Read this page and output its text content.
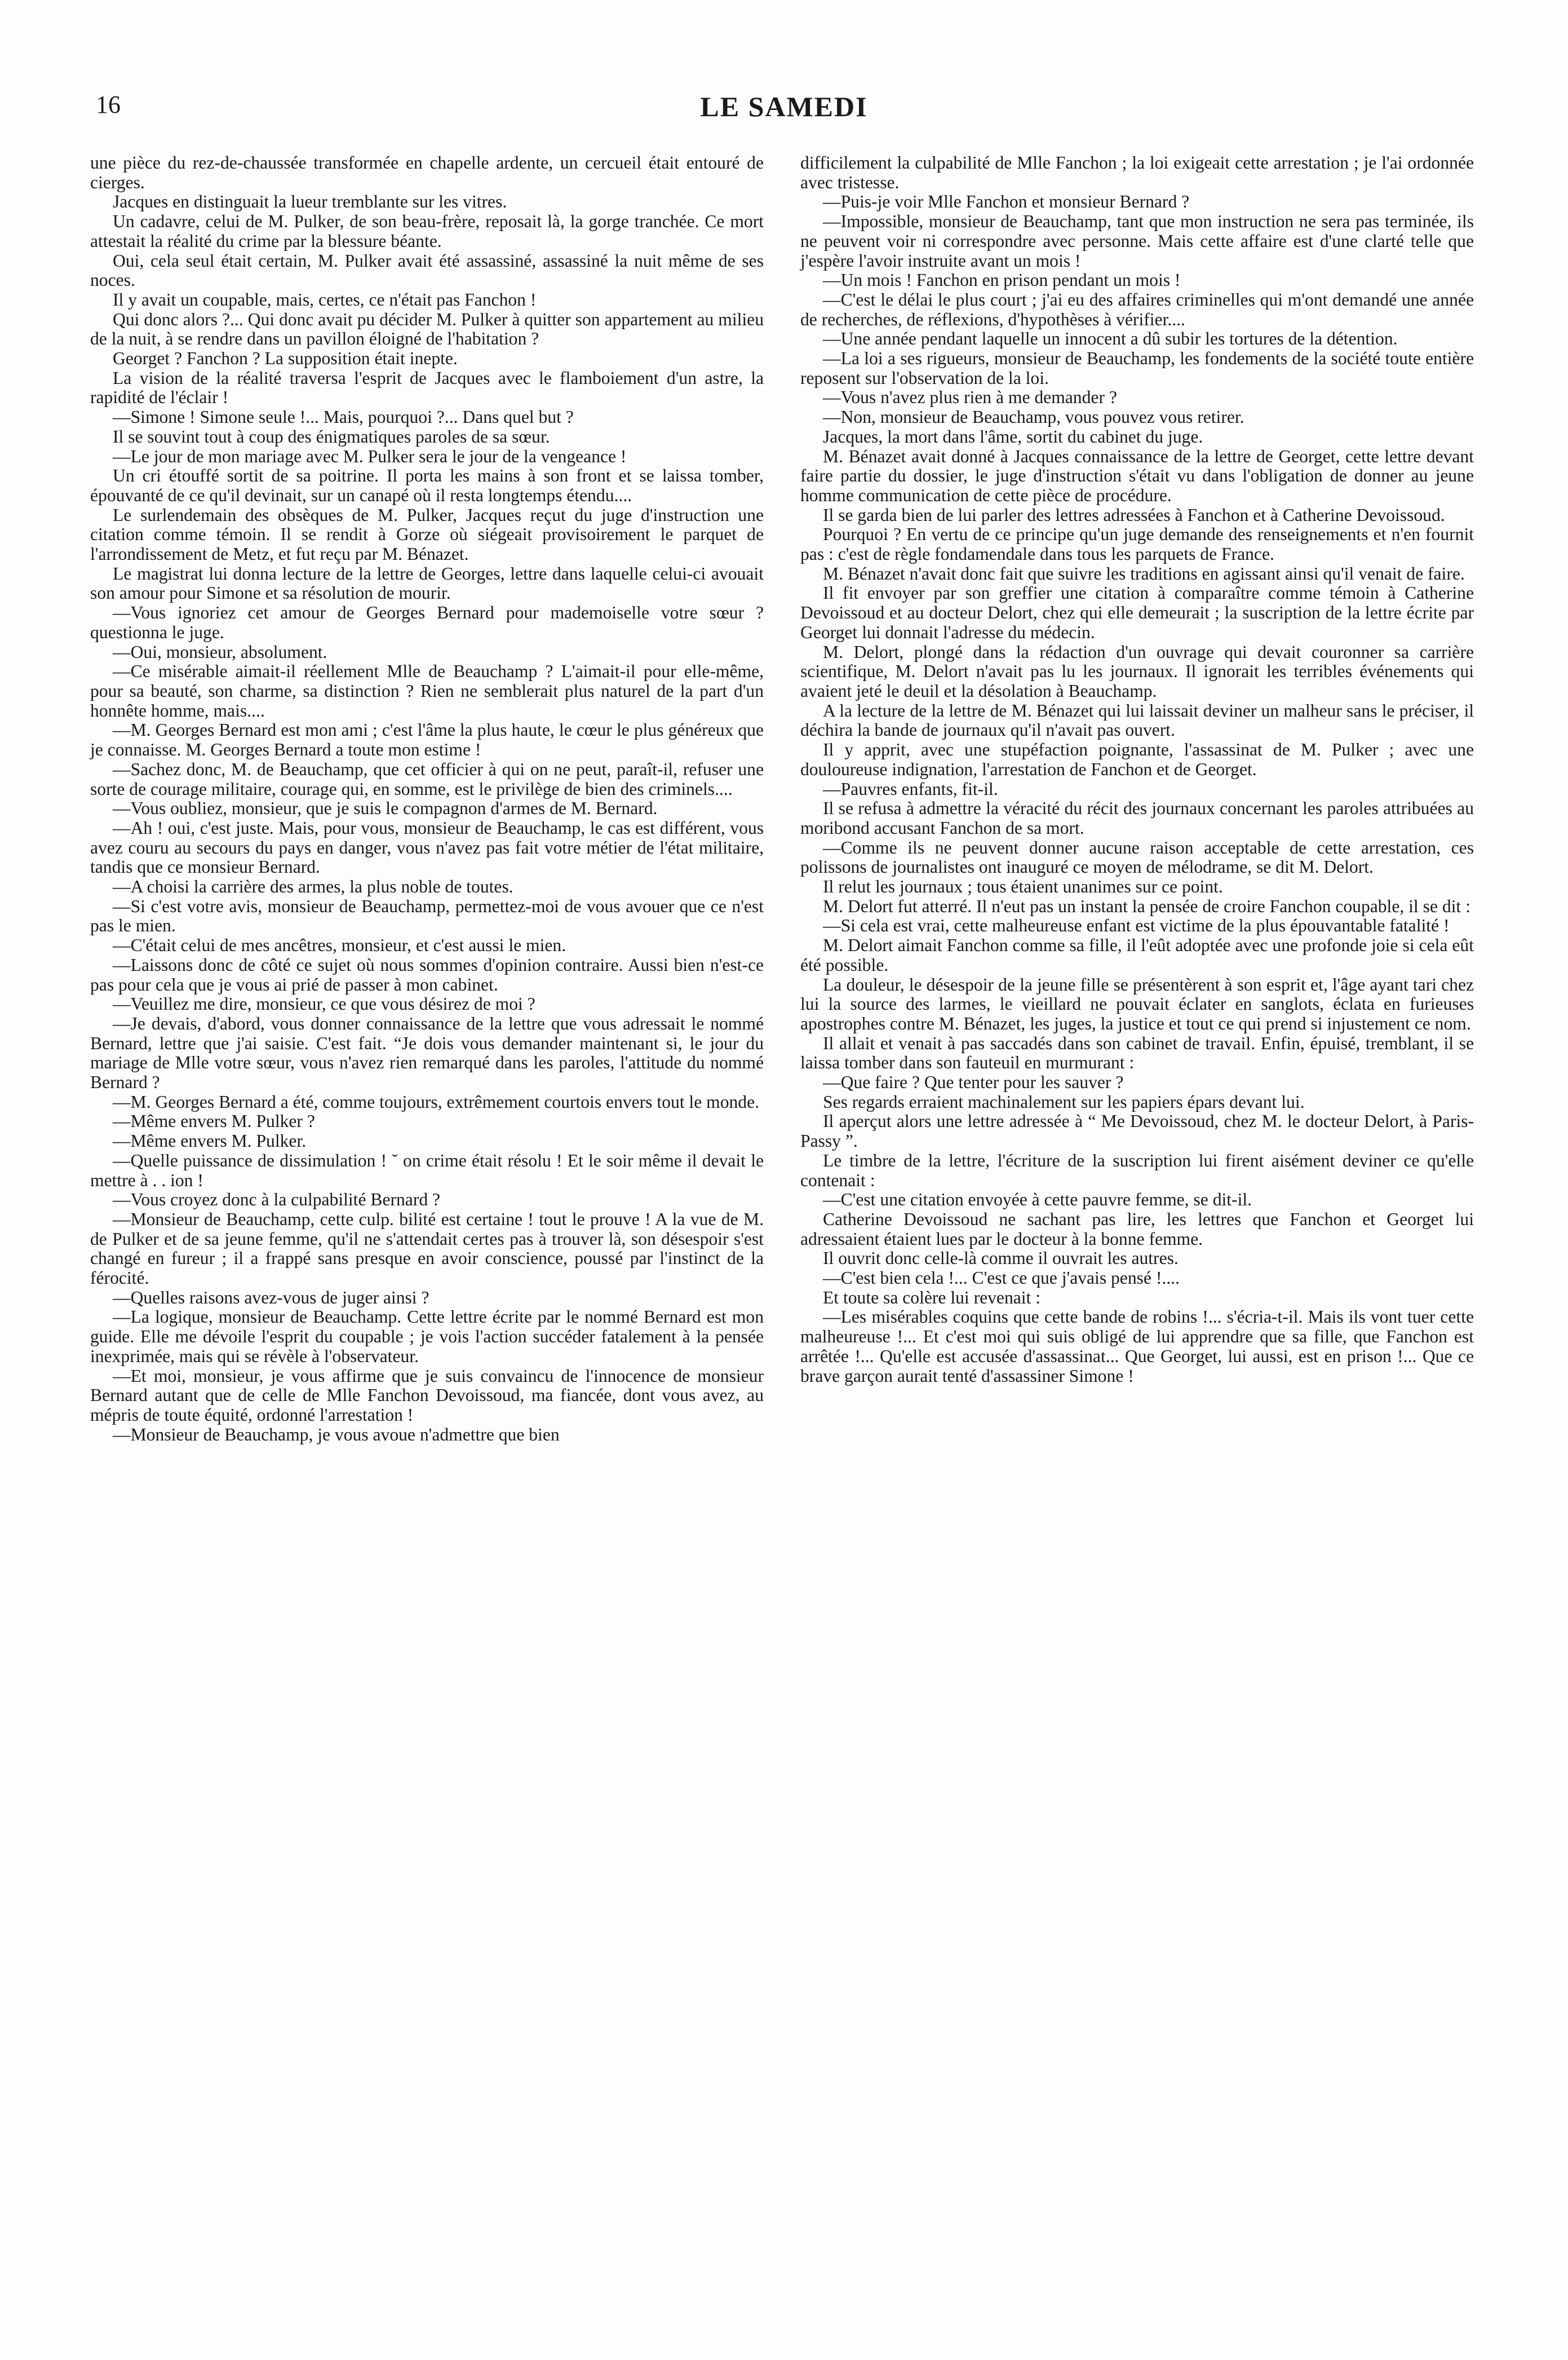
16	LE SAMEDI

une pièce du rez-de-chaussée transformée en chapelle ardente, un cercueil était entouré de cierges.

Jacques en distinguait la lueur tremblante sur les vitres.

Un cadavre, celui de M. Pulker, de son beau-frère, reposait là, la gorge tranchée. Ce mort attestait la réalité du crime par la blessure béante.

Oui, cela seul était certain, M. Pulker avait été assassiné, assassiné la nuit même de ses noces.

Il y avait un coupable, mais, certes, ce n'était pas Fanchon !

Qui donc alors ?... Qui donc avait pu décider M. Pulker à quitter son appartement au milieu de la nuit, à se rendre dans un pavillon éloigné de l'habitation ?

Georget ? Fanchon ? La supposition était inepte.

La vision de la réalité traversa l'esprit de Jacques avec le flamboiement d'un astre, la rapidité de l'éclair !

—Simone ! Simone seule !... Mais, pourquoi ?... Dans quel but ?

Il se souvint tout à coup des énigmatiques paroles de sa sœur.

—Le jour de mon mariage avec M. Pulker sera le jour de la vengeance !

Un cri étouffé sortit de sa poitrine. Il porta les mains à son front et se laissa tomber, épouvanté de ce qu'il devinait, sur un canapé où il resta longtemps étendu....

Le surlendemain des obsèques de M. Pulker, Jacques reçut du juge d'instruction une citation comme témoin. Il se rendit à Gorze où siégeait provisoirement le parquet de l'arrondissement de Metz, et fut reçu par M. Bénazet.

Le magistrat lui donna lecture de la lettre de Georges, lettre dans laquelle celui-ci avouait son amour pour Simone et sa résolution de mourir.

—Vous ignoriez cet amour de Georges Bernard pour mademoiselle votre sœur ? questionna le juge.

—Oui, monsieur, absolument.

—Ce misérable aimait-il réellement Mlle de Beauchamp ? L'aimait-il pour elle-même, pour sa beauté, son charme, sa distinction ? Rien ne semblerait plus naturel de la part d'un honnête homme, mais....

—M. Georges Bernard est mon ami ; c'est l'âme la plus haute, le cœur le plus généreux que je connaisse. M. Georges Bernard a toute mon estime !

—Sachez donc, M. de Beauchamp, que cet officier à qui on ne peut, paraît-il, refuser une sorte de courage militaire, courage qui, en somme, est le privilège de bien des criminels....

—Vous oubliez, monsieur, que je suis le compagnon d'armes de M. Bernard.

—Ah ! oui, c'est juste. Mais, pour vous, monsieur de Beauchamp, le cas est différent, vous avez couru au secours du pays en danger, vous n'avez pas fait votre métier de l'état militaire, tandis que ce monsieur Bernard.

—A choisi la carrière des armes, la plus noble de toutes.

—Si c'est votre avis, monsieur de Beauchamp, permettez-moi de vous avouer que ce n'est pas le mien.

—C'était celui de mes ancêtres, monsieur, et c'est aussi le mien.

—Laissons donc de côté ce sujet où nous sommes d'opinion contraire. Aussi bien n'est-ce pas pour cela que je vous ai prié de passer à mon cabinet.

—Veuillez me dire, monsieur, ce que vous désirez de moi ?

—Je devais, d'abord, vous donner connaissance de la lettre que vous adressait le nommé Bernard, lettre que j'ai saisie. C'est fait. “Je dois vous demander maintenant si, le jour du mariage de Mlle votre sœur, vous n'avez rien remarqué dans les paroles, l'attitude du nommé Bernard ?

—M. Georges Bernard a été, comme toujours, extrêmement courtois envers tout le monde.

—Même envers M. Pulker ?

—Même envers M. Pulker.

—Quelle puissance de dissimulation ! ˘ on crime était résolu ! Et le soir même il devait le mettre à . . ion !

—Vous croyez donc à la culpabilité Bernard ?

—Monsieur de Beauchamp, cette culp. bilité est certaine ! tout le prouve ! A la vue de M. de Pulker et de sa jeune femme, qu'il ne s'attendait certes pas à trouver là, son désespoir s'est changé en fureur ; il a frappé sans presque en avoir conscience, poussé par l'instinct de la férocité.

—Quelles raisons avez-vous de juger ainsi ?

—La logique, monsieur de Beauchamp. Cette lettre écrite par le nommé Bernard est mon guide. Elle me dévoile l'esprit du coupable ; je vois l'action succéder fatalement à la pensée inexprimée, mais qui se révèle à l'observateur.

—Et moi, monsieur, je vous affirme que je suis convaincu de l'innocence de monsieur Bernard autant que de celle de Mlle Fanchon Devoissoud, ma fiancée, dont vous avez, au mépris de toute équité, ordonné l'arrestation !

—Monsieur de Beauchamp, je vous avoue n'admettre que bien

difficilement la culpabilité de Mlle Fanchon ; la loi exigeait cette arrestation ; je l'ai ordonnée avec tristesse.

—Puis-je voir Mlle Fanchon et monsieur Bernard ?

—Impossible, monsieur de Beauchamp, tant que mon instruction ne sera pas terminée, ils ne peuvent voir ni correspondre avec personne. Mais cette affaire est d'une clarté telle que j'espère l'avoir instruite avant un mois !

—Un mois ! Fanchon en prison pendant un mois !

—C'est le délai le plus court ; j'ai eu des affaires criminelles qui m'ont demandé une année de recherches, de réflexions, d'hypothèses à vérifier....

—Une année pendant laquelle un innocent a dû subir les tortures de la détention.

—La loi a ses rigueurs, monsieur de Beauchamp, les fondements de la société toute entière reposent sur l'observation de la loi.

—Vous n'avez plus rien à me demander ?

—Non, monsieur de Beauchamp, vous pouvez vous retirer.

Jacques, la mort dans l'âme, sortit du cabinet du juge.

M. Bénazet avait donné à Jacques connaissance de la lettre de Georget, cette lettre devant faire partie du dossier, le juge d'instruction s'était vu dans l'obligation de donner au jeune homme communication de cette pièce de procédure.

Il se garda bien de lui parler des lettres adressées à Fanchon et à Catherine Devoissoud.

Pourquoi ? En vertu de ce principe qu'un juge demande des renseignements et n'en fournit pas : c'est de règle fondamendale dans tous les parquets de France.

M. Bénazet n'avait donc fait que suivre les traditions en agissant ainsi qu'il venait de faire.

Il fit envoyer par son greffier une citation à comparaître comme témoin à Catherine Devoissoud et au docteur Delort, chez qui elle demeurait ; la suscription de la lettre écrite par Georget lui donnait l'adresse du médecin.

M. Delort, plongé dans la rédaction d'un ouvrage qui devait couronner sa carrière scientifique, M. Delort n'avait pas lu les journaux. Il ignorait les terribles événements qui avaient jeté le deuil et la désolation à Beauchamp.

A la lecture de la lettre de M. Bénazet qui lui laissait deviner un malheur sans le préciser, il déchira la bande de journaux qu'il n'avait pas ouvert.

Il y apprit, avec une stupéfaction poignante, l'assassinat de M. Pulker ; avec une douloureuse indignation, l'arrestation de Fanchon et de Georget.

—Pauvres enfants, fit-il.

Il se refusa à admettre la véracité du récit des journaux concernant les paroles attribuées au moribond accusant Fanchon de sa mort.

—Comme ils ne peuvent donner aucune raison acceptable de cette arrestation, ces polissons de journalistes ont inauguré ce moyen de mélodrame, se dit M. Delort.

Il relut les journaux ; tous étaient unanimes sur ce point.

M. Delort fut atterré. Il n'eut pas un instant la pensée de croire Fanchon coupable, il se dit :

—Si cela est vrai, cette malheureuse enfant est victime de la plus épouvantable fatalité !

M. Delort aimait Fanchon comme sa fille, il l'eût adoptée avec une profonde joie si cela eût été possible.

La douleur, le désespoir de la jeune fille se présentèrent à son esprit et, l'âge ayant tari chez lui la source des larmes, le vieillard ne pouvait éclater en sanglots, éclata en furieuses apostrophes contre M. Bénazet, les juges, la justice et tout ce qui prend si injustement ce nom.

Il allait et venait à pas saccadés dans son cabinet de travail. Enfin, épuisé, tremblant, il se laissa tomber dans son fauteuil en murmurant :

—Que faire ? Que tenter pour les sauver ?

Ses regards erraient machinalement sur les papiers épars devant lui.

Il aperçut alors une lettre adressée à “ Me Devoissoud, chez M. le docteur Delort, à Paris-Passy ”.

Le timbre de la lettre, l'écriture de la suscription lui firent aisément deviner ce qu'elle contenait :

—C'est une citation envoyée à cette pauvre femme, se dit-il.

Catherine Devoissoud ne sachant pas lire, les lettres que Fanchon et Georget lui adressaient étaient lues par le docteur à la bonne femme.

Il ouvrit donc celle-là comme il ouvrait les autres.

—C'est bien cela !... C'est ce que j'avais pensé !....

Et toute sa colère lui revenait :

—Les misérables coquins que cette bande de robins !... s'écria-t-il. Mais ils vont tuer cette malheureuse !... Et c'est moi qui suis obligé de lui apprendre que sa fille, que Fanchon est arrêtée !... Qu'elle est accusée d'assassinat... Que Georget, lui aussi, est en prison !... Que ce brave garçon aurait tenté d'assassiner Simone !
